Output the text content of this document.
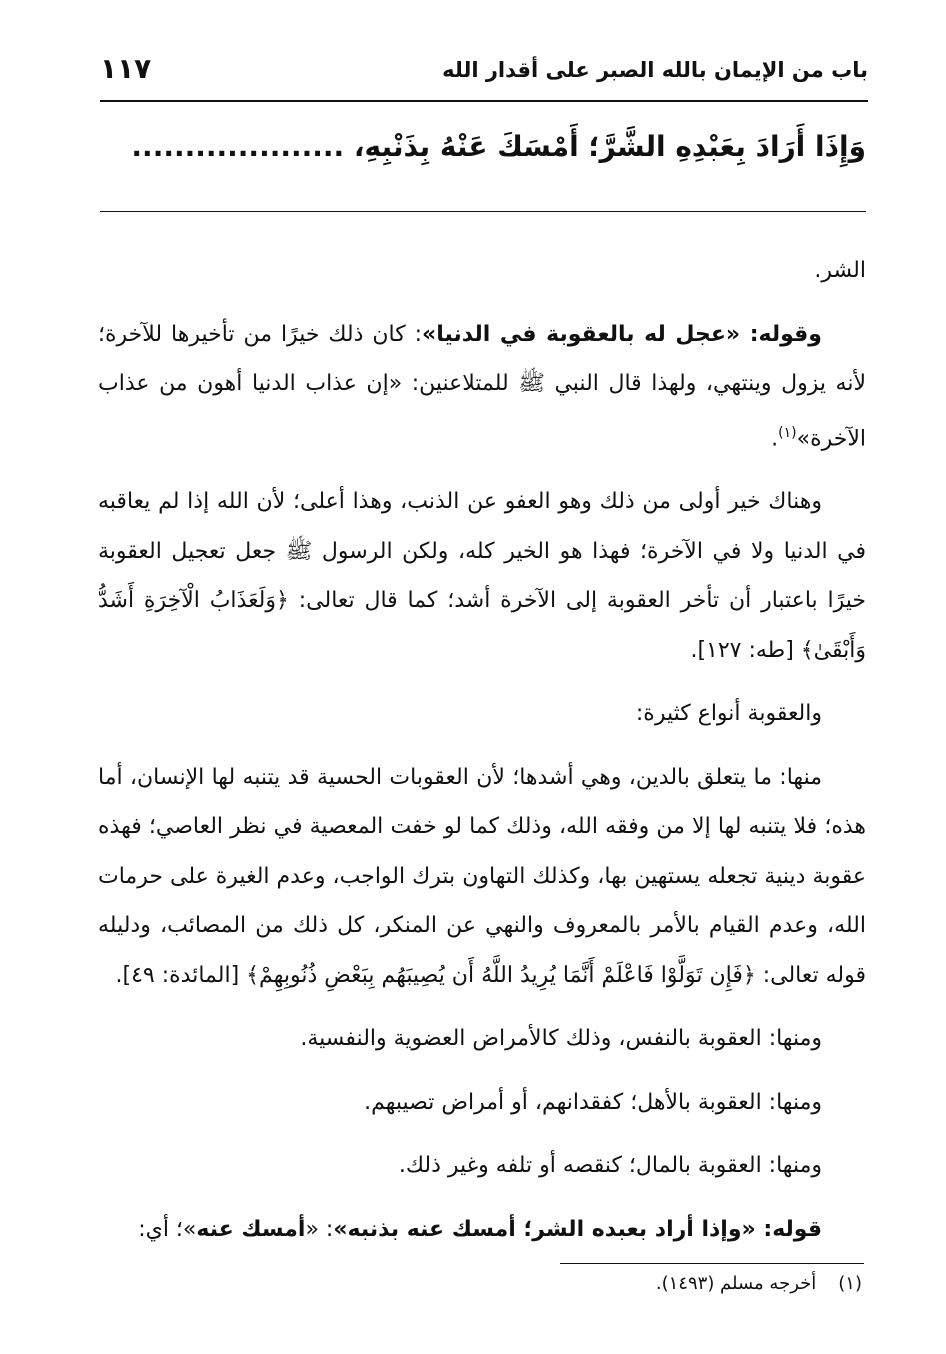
باب من الإيمان بالله الصبر على أقدار الله
١١٧
وَإِذَا أَرَادَ بِعَبْدِهِ الشَّرَّ؛ أَمْسَكَ عَنْهُ بِذَنْبِهِ، ....................

الشر.

وقوله: «عجل له بالعقوبة في الدنيا»: كان ذلك خيرًا من تأخيرها للآخرة؛ لأنه يزول وينتهي، ولهذا قال النبي ﷺ للمتلاعنين: «إن عذاب الدنيا أهون من عذاب الآخرة»$^{(١)}$.

وهناك خير أولى من ذلك وهو العفو عن الذنب، وهذا أعلى؛ لأن الله إذا لم يعاقبه في الدنيا ولا في الآخرة؛ فهذا هو الخير كله، ولكن الرسول ﷺ جعل تعجيل العقوبة خيرًا باعتبار أن تأخر العقوبة إلى الآخرة أشد؛ كما قال تعالى: ﴿وَلَعَذَابُ الْآخِرَةِ أَشَدُّ وَأَبْقَىٰ﴾ [طه: ١٢٧].

والعقوبة أنواع كثيرة:

منها: ما يتعلق بالدين، وهي أشدها؛ لأن العقوبات الحسية قد يتنبه لها الإنسان، أما هذه؛ فلا يتنبه لها إلا من وفقه الله، وذلك كما لو خفت المعصية في نظر العاصي؛ فهذه عقوبة دينية تجعله يستهين بها، وكذلك التهاون بترك الواجب، وعدم الغيرة على حرمات الله، وعدم القيام بالأمر بالمعروف والنهي عن المنكر، كل ذلك من المصائب، ودليله قوله تعالى: ﴿فَإِن تَوَلَّوْا فَاعْلَمْ أَنَّمَا يُرِيدُ اللَّهُ أَن يُصِيبَهُم بِبَعْضِ ذُنُوبِهِمْ﴾ [المائدة: ٤٩].

ومنها: العقوبة بالنفس، وذلك كالأمراض العضوية والنفسية.

ومنها: العقوبة بالأهل؛ كفقدانهم، أو أمراض تصيبهم.

ومنها: العقوبة بالمال؛ كنقصه أو تلفه وغير ذلك.

قوله: «وإذا أراد بعبده الشر؛ أمسك عنه بذنبه»: «أمسك عنه»؛ أي:

(١)أخرجه مسلم (١٤٩٣).
